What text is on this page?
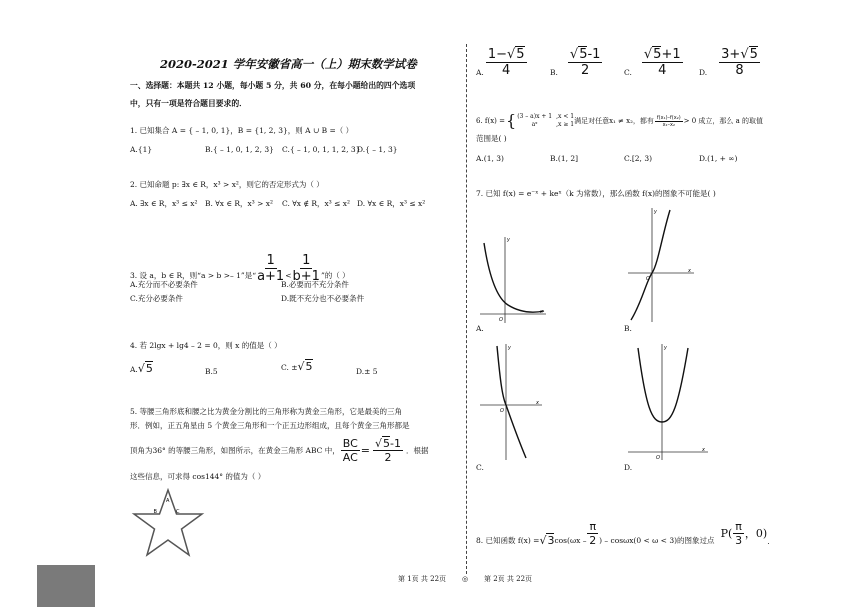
2020-2021 学年安徽省高一（上）期末数学试卷
一、选择题：本题共 12 小题，每小题 5 分，共 60 分，在每小题给出的四个选项
中，只有一项是符合题目要求的．
1. 已知集合 A = { – 1, 0, 1}，B = {1, 2, 3}，则 A ∪ B =（ ）
A.{1}	B.{ – 1, 0, 1, 2, 3} C.{ – 1, 0, 1, 1, 2, 3}
D.{ – 1, 3}
2. 已知命题 p: ∃x ∈ R，x³ > x²，则它的否定形式为（ ）
A. ∃x ∈ R，x³ ≤ x² B. ∀x ∈ R，x³ > x² C. ∀x ∉ R，x³ ≤ x² D. ∀x ∈ R，x³ ≤ x²
3. 设 a，b ∈ R，则“a > b >– 1”是“ $\frac{1}{a+1} < \frac{1}{b+1}$ ”的（ ）
A.充分而不必要条件	B.必要而不充分条件
C.充分必要条件	D.既不充分也不必要条件
4. 若 2lgx + lg4 – 2 = 0，则 x 的值是（ ）
A. √5	B.5	C. ± √5	D.± 5
5. 等腰三角形底和腰之比为黄金分割比的三角形称为黄金三角形，它是最美的三角
形．例如，正五角星由 5 个黄金三角形和一个正五边形组成，且每个黄金三角形都是
顶角为36° 的等腰三角形，如图所示，在黄金三角形 ABC 中， $\frac{BC}{AC} = \frac{√5-1}{2}$ ．根据
这些信息，可求得 cos144° 的值为（ ）
A
B	C
A. $\frac{1-√5}{4}$	B. $\frac{√5-1}{2}$	C. $\frac{√5+1}{4} D$. $\frac{3+√5}{8}$
6. f(x) = { (3 – a)x + 1 ,x < 1
aˣ	,x ≥ 1 满足对任意x₁ ≠ x₂，都有 $\frac{\text{f(x₁)–f(x₂)}}{\text{x₁–x₂}} > 0$ 成立，那么 a 的取值
范围是( )
A.(1, 3)	B.(1, 2]	C.[2, 3)	D.(1, + ∞)
7. 已知 f(x) = e⁻ˣ + keˣ（k 为常数），那么函数 f(x)的图象不可能是( )
x
y
O
A.
x
y
O
B.
x
y
O
C.
x
y
O
D.
8. 已知函数 f(x) = √3 $\cos(\omega x - \frac{\pi}{2}$ ) – cosωx(0 < ω < 3)的图象过点
$P( \frac{\pi}{3}$ ，0)
.
第 1页 共 22页 ◎ 第 2页 共 22页
